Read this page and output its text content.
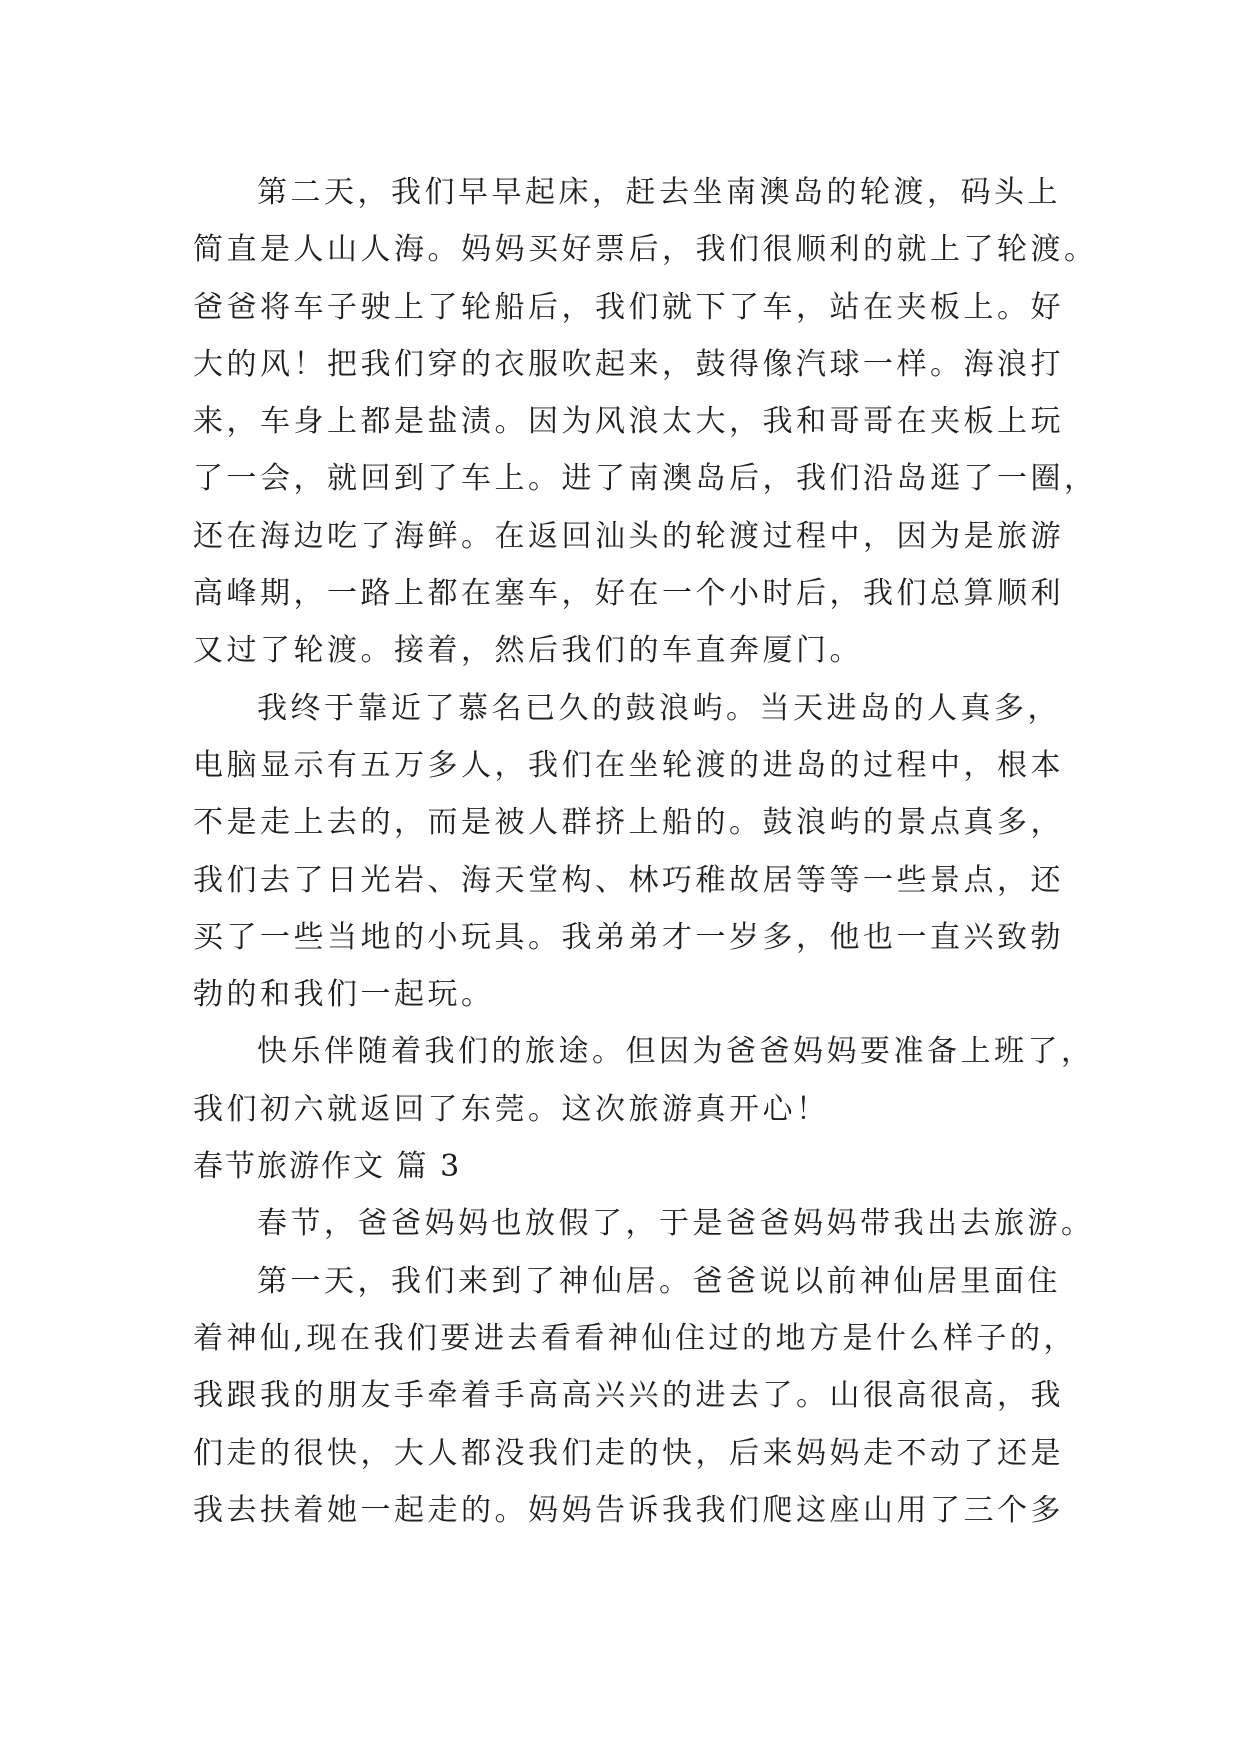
第二天，我们早早起床，赶去坐南澳岛的轮渡，码头上
简直是人山人海。妈妈买好票后，我们很顺利的就上了轮渡。
爸爸将车子驶上了轮船后，我们就下了车，站在夹板上。好
大的风！把我们穿的衣服吹起来，鼓得像汽球一样。海浪打
来，车身上都是盐渍。因为风浪太大，我和哥哥在夹板上玩
了一会，就回到了车上。进了南澳岛后，我们沿岛逛了一圈，
还在海边吃了海鲜。在返回汕头的轮渡过程中，因为是旅游
高峰期，一路上都在塞车，好在一个小时后，我们总算顺利
又过了轮渡。接着，然后我们的车直奔厦门。
我终于靠近了慕名已久的鼓浪屿。当天进岛的人真多，
电脑显示有五万多人，我们在坐轮渡的进岛的过程中，根本
不是走上去的，而是被人群挤上船的。鼓浪屿的景点真多，
我们去了日光岩、海天堂构、林巧稚故居等等一些景点，还
买了一些当地的小玩具。我弟弟才一岁多，他也一直兴致勃
勃的和我们一起玩。
快乐伴随着我们的旅途。但因为爸爸妈妈要准备上班了，
我们初六就返回了东莞。这次旅游真开心！
春节旅游作文 篇 3
春节，爸爸妈妈也放假了，于是爸爸妈妈带我出去旅游。
第一天，我们来到了神仙居。爸爸说以前神仙居里面住
着神仙,现在我们要进去看看神仙住过的地方是什么样子的，
我跟我的朋友手牵着手高高兴兴的进去了。山很高很高，我
们走的很快，大人都没我们走的快，后来妈妈走不动了还是
我去扶着她一起走的。妈妈告诉我我们爬这座山用了三个多
